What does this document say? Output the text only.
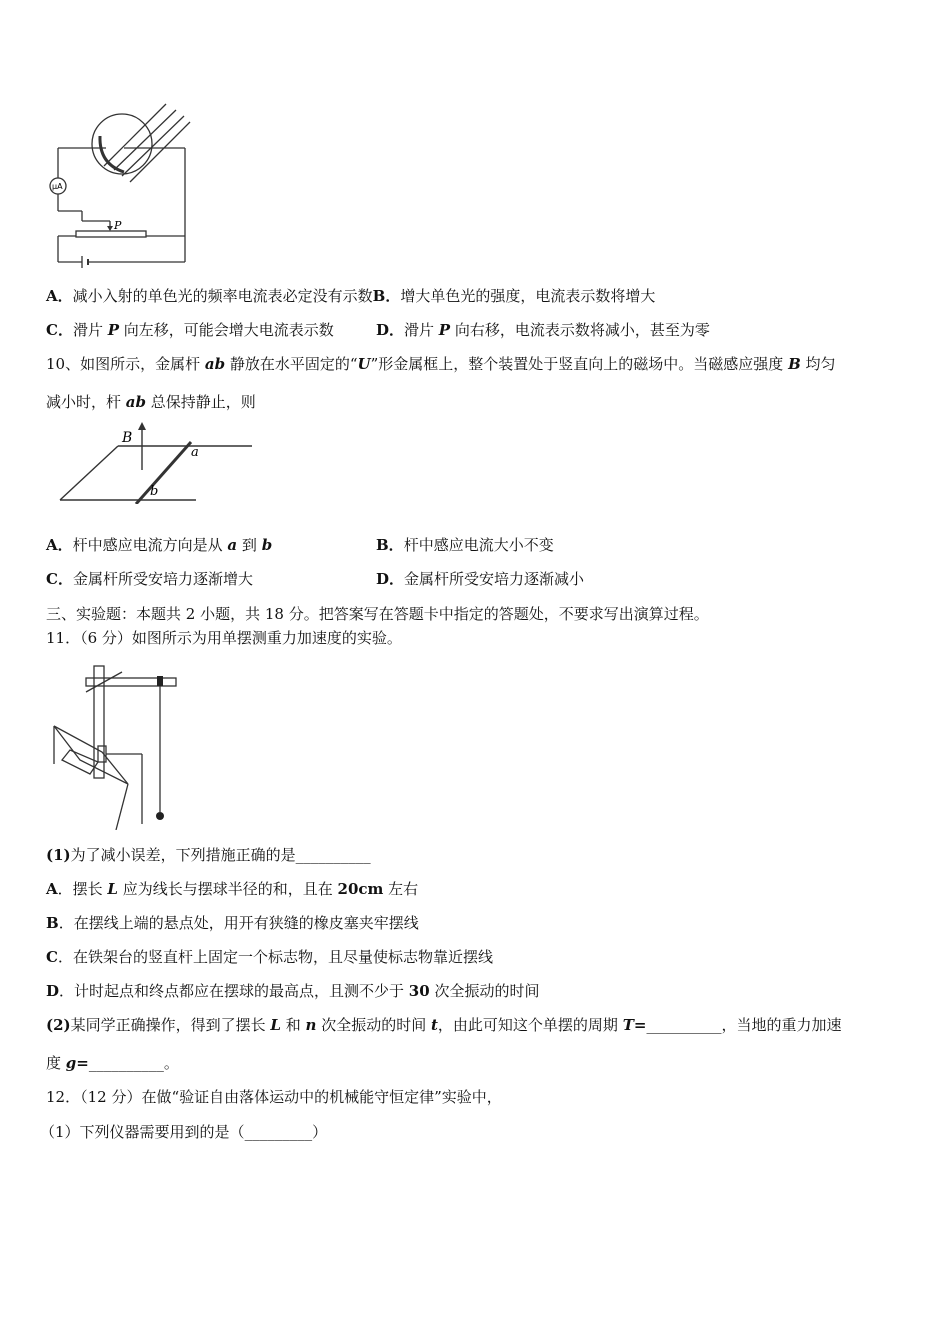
μA
P
A．减小入射的单色光的频率电流表必定没有示数B．增大单色光的强度，电流表示数将增大
C．滑片 P 向左移，可能会增大电流表示数	D．滑片 P 向右移，电流表示数将减小，甚至为零
10、如图所示，金属杆 ab 静放在水平固定的“U”形金属框上，整个装置处于竖直向上的磁场中。当磁感应强度 B 均匀
减小时，杆 ab 总保持静止，则
B
a
b
A．杆中感应电流方向是从 a 到 b	B．杆中感应电流大小不变
C．金属杆所受安培力逐渐增大	D．金属杆所受安培力逐渐减小
三、实验题：本题共 2 小题，共 18 分。把答案写在答题卡中指定的答题处，不要求写出演算过程。
11．（6 分）如图所示为用单摆测重力加速度的实验。
(1)为了减小误差，下列措施正确的是__________
A．摆长 L 应为线长与摆球半径的和，且在 20cm 左右
B．在摆线上端的悬点处，用开有狭缝的橡皮塞夹牢摆线
C．在铁架台的竖直杆上固定一个标志物，且尽量使标志物靠近摆线
D．计时起点和终点都应在摆球的最高点，且测不少于 30 次全振动的时间
(2)某同学正确操作，得到了摆长 L 和 n 次全振动的时间 t，由此可知这个单摆的周期 T=__________，当地的重力加速
度 g=__________。
12．（12 分）在做“验证自由落体运动中的机械能守恒定律”实验中，
（1）下列仪器需要用到的是（_________）
